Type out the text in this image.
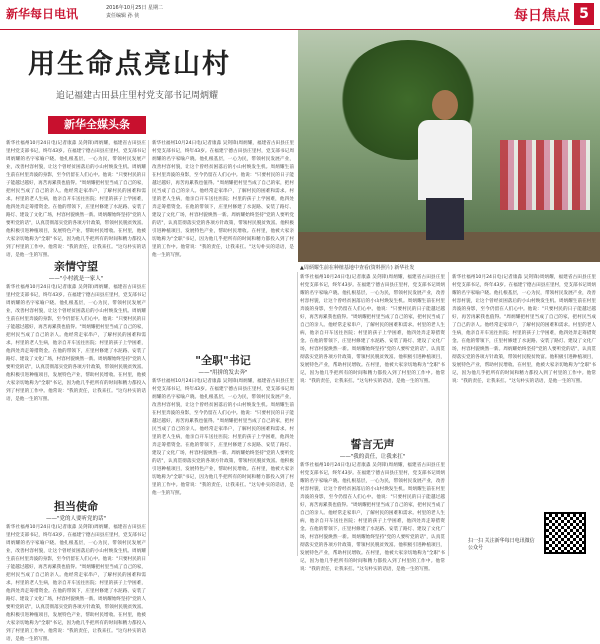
新华每日电讯	2016年10月25日 星期二
责任编辑 孙 侠	每日焦点 5
用生命点亮山村
追记福建古田县庄里村党支部书记周炳耀
新华全媒头条
▲周炳耀生前在种植基地中查看(资料照片) 新华社发
新华社福州10月24日电(记者康淼 吴剑锋)周炳耀，福建省古田县庄里村党支部书记，终年43岁。在福建宁德古田县庄里村，党支部书记周炳耀的名字家喻户晓。他扎根基层，一心为民，带领村民发展产业，改善村容村貌，让这个曾经贫困落后的小山村焕发生机。周炳耀生前在村里奔波的身影，至今仍留在人们心中。他说："只要村民的日子能越过越好，再苦再累我也值得。"周炳耀把村里当成了自己的家，把村民当成了自己的亲人。他经常走家串户，了解村民的困难和需求。村里的老人生病，他亲自开车送往医院；村里的孩子上学困难，他四处奔走筹措资金。在他的带领下，庄里村修建了水泥路、安装了路灯、建设了文化广场，村容村貌焕然一新。周炳耀始终坚持"党的人要听党的话"，认真贯彻落实党的各项方针政策，带领村民脱贫致富。他积极引进种植项目，发展特色产业，帮助村民增收。在村里，他被大家亲切地称为"全职"书记，因为他几乎把所有的时间和精力都投入到了村里的工作中。他常说："我的责任，让我来扛。"这句朴实的话语，是他一生的写照。
亲情守望
——"小村就是一家人"
新华社福州10月24日电(记者康淼 吴剑锋)周炳耀，福建省古田县庄里村党支部书记，终年43岁。在福建宁德古田县庄里村，党支部书记周炳耀的名字家喻户晓。他扎根基层，一心为民，带领村民发展产业，改善村容村貌，让这个曾经贫困落后的小山村焕发生机。周炳耀生前在村里奔波的身影，至今仍留在人们心中。他说："只要村民的日子能越过越好，再苦再累我也值得。"周炳耀把村里当成了自己的家，把村民当成了自己的亲人。他经常走家串户，了解村民的困难和需求。村里的老人生病，他亲自开车送往医院；村里的孩子上学困难，他四处奔走筹措资金。在他的带领下，庄里村修建了水泥路、安装了路灯、建设了文化广场，村容村貌焕然一新。周炳耀始终坚持"党的人要听党的话"，认真贯彻落实党的各项方针政策，带领村民脱贫致富。他积极引进种植项目，发展特色产业，帮助村民增收。在村里，他被大家亲切地称为"全职"书记，因为他几乎把所有的时间和精力都投入到了村里的工作中。他常说："我的责任，让我来扛。"这句朴实的话语，是他一生的写照。
担当使命
——"党的人要听党的话"
新华社福州10月24日电(记者康淼 吴剑锋)周炳耀，福建省古田县庄里村党支部书记，终年43岁。在福建宁德古田县庄里村，党支部书记周炳耀的名字家喻户晓。他扎根基层，一心为民，带领村民发展产业，改善村容村貌，让这个曾经贫困落后的小山村焕发生机。周炳耀生前在村里奔波的身影，至今仍留在人们心中。他说："只要村民的日子能越过越好，再苦再累我也值得。"周炳耀把村里当成了自己的家，把村民当成了自己的亲人。他经常走家串户，了解村民的困难和需求。村里的老人生病，他亲自开车送往医院；村里的孩子上学困难，他四处奔走筹措资金。在他的带领下，庄里村修建了水泥路、安装了路灯、建设了文化广场，村容村貌焕然一新。周炳耀始终坚持"党的人要听党的话"，认真贯彻落实党的各项方针政策，带领村民脱贫致富。他积极引进种植项目，发展特色产业，帮助村民增收。在村里，他被大家亲切地称为"全职"书记，因为他几乎把所有的时间和精力都投入到了村里的工作中。他常说："我的责任，让我来扛。"这句朴实的话语，是他一生的写照。
新华社福州10月24日电(记者康淼 吴剑锋)周炳耀，福建省古田县庄里村党支部书记，终年43岁。在福建宁德古田县庄里村，党支部书记周炳耀的名字家喻户晓。他扎根基层，一心为民，带领村民发展产业，改善村容村貌，让这个曾经贫困落后的小山村焕发生机。周炳耀生前在村里奔波的身影，至今仍留在人们心中。他说："只要村民的日子能越过越好，再苦再累我也值得。"周炳耀把村里当成了自己的家，把村民当成了自己的亲人。他经常走家串户，了解村民的困难和需求。村里的老人生病，他亲自开车送往医院；村里的孩子上学困难，他四处奔走筹措资金。在他的带领下，庄里村修建了水泥路、安装了路灯、建设了文化广场，村容村貌焕然一新。周炳耀始终坚持"党的人要听党的话"，认真贯彻落实党的各项方针政策，带领村民脱贫致富。他积极引进种植项目，发展特色产业，帮助村民增收。在村里，他被大家亲切地称为"全职"书记，因为他几乎把所有的时间和精力都投入到了村里的工作中。他常说："我的责任，让我来扛。"这句朴实的话语，是他一生的写照。
"全职"书记
——"用拼的发去奔"
新华社福州10月24日电(记者康淼 吴剑锋)周炳耀，福建省古田县庄里村党支部书记，终年43岁。在福建宁德古田县庄里村，党支部书记周炳耀的名字家喻户晓。他扎根基层，一心为民，带领村民发展产业，改善村容村貌，让这个曾经贫困落后的小山村焕发生机。周炳耀生前在村里奔波的身影，至今仍留在人们心中。他说："只要村民的日子能越过越好，再苦再累我也值得。"周炳耀把村里当成了自己的家，把村民当成了自己的亲人。他经常走家串户，了解村民的困难和需求。村里的老人生病，他亲自开车送往医院；村里的孩子上学困难，他四处奔走筹措资金。在他的带领下，庄里村修建了水泥路、安装了路灯、建设了文化广场，村容村貌焕然一新。周炳耀始终坚持"党的人要听党的话"，认真贯彻落实党的各项方针政策，带领村民脱贫致富。他积极引进种植项目，发展特色产业，帮助村民增收。在村里，他被大家亲切地称为"全职"书记，因为他几乎把所有的时间和精力都投入到了村里的工作中。他常说："我的责任，让我来扛。"这句朴实的话语，是他一生的写照。
新华社福州10月24日电(记者康淼 吴剑锋)周炳耀，福建省古田县庄里村党支部书记，终年43岁。在福建宁德古田县庄里村，党支部书记周炳耀的名字家喻户晓。他扎根基层，一心为民，带领村民发展产业，改善村容村貌，让这个曾经贫困落后的小山村焕发生机。周炳耀生前在村里奔波的身影，至今仍留在人们心中。他说："只要村民的日子能越过越好，再苦再累我也值得。"周炳耀把村里当成了自己的家，把村民当成了自己的亲人。他经常走家串户，了解村民的困难和需求。村里的老人生病，他亲自开车送往医院；村里的孩子上学困难，他四处奔走筹措资金。在他的带领下，庄里村修建了水泥路、安装了路灯、建设了文化广场，村容村貌焕然一新。周炳耀始终坚持"党的人要听党的话"，认真贯彻落实党的各项方针政策，带领村民脱贫致富。他积极引进种植项目，发展特色产业，帮助村民增收。在村里，他被大家亲切地称为"全职"书记，因为他几乎把所有的时间和精力都投入到了村里的工作中。他常说："我的责任，让我来扛。"这句朴实的话语，是他一生的写照。
誓言无声
——"我的责任，让我来扛"
新华社福州10月24日电(记者康淼 吴剑锋)周炳耀，福建省古田县庄里村党支部书记，终年43岁。在福建宁德古田县庄里村，党支部书记周炳耀的名字家喻户晓。他扎根基层，一心为民，带领村民发展产业，改善村容村貌，让这个曾经贫困落后的小山村焕发生机。周炳耀生前在村里奔波的身影，至今仍留在人们心中。他说："只要村民的日子能越过越好，再苦再累我也值得。"周炳耀把村里当成了自己的家，把村民当成了自己的亲人。他经常走家串户，了解村民的困难和需求。村里的老人生病，他亲自开车送往医院；村里的孩子上学困难，他四处奔走筹措资金。在他的带领下，庄里村修建了水泥路、安装了路灯、建设了文化广场，村容村貌焕然一新。周炳耀始终坚持"党的人要听党的话"，认真贯彻落实党的各项方针政策，带领村民脱贫致富。他积极引进种植项目，发展特色产业，帮助村民增收。在村里，他被大家亲切地称为"全职"书记，因为他几乎把所有的时间和精力都投入到了村里的工作中。他常说："我的责任，让我来扛。"这句朴实的话语，是他一生的写照。
新华社福州10月24日电(记者康淼 吴剑锋)周炳耀，福建省古田县庄里村党支部书记，终年43岁。在福建宁德古田县庄里村，党支部书记周炳耀的名字家喻户晓。他扎根基层，一心为民，带领村民发展产业，改善村容村貌，让这个曾经贫困落后的小山村焕发生机。周炳耀生前在村里奔波的身影，至今仍留在人们心中。他说："只要村民的日子能越过越好，再苦再累我也值得。"周炳耀把村里当成了自己的家，把村民当成了自己的亲人。他经常走家串户，了解村民的困难和需求。村里的老人生病，他亲自开车送往医院；村里的孩子上学困难，他四处奔走筹措资金。在他的带领下，庄里村修建了水泥路、安装了路灯、建设了文化广场，村容村貌焕然一新。周炳耀始终坚持"党的人要听党的话"，认真贯彻落实党的各项方针政策，带领村民脱贫致富。他积极引进种植项目，发展特色产业，帮助村民增收。在村里，他被大家亲切地称为"全职"书记，因为他几乎把所有的时间和精力都投入到了村里的工作中。他常说："我的责任，让我来扛。"这句朴实的话语，是他一生的写照。
扫一扫 关注新华每日电讯微信公众号
